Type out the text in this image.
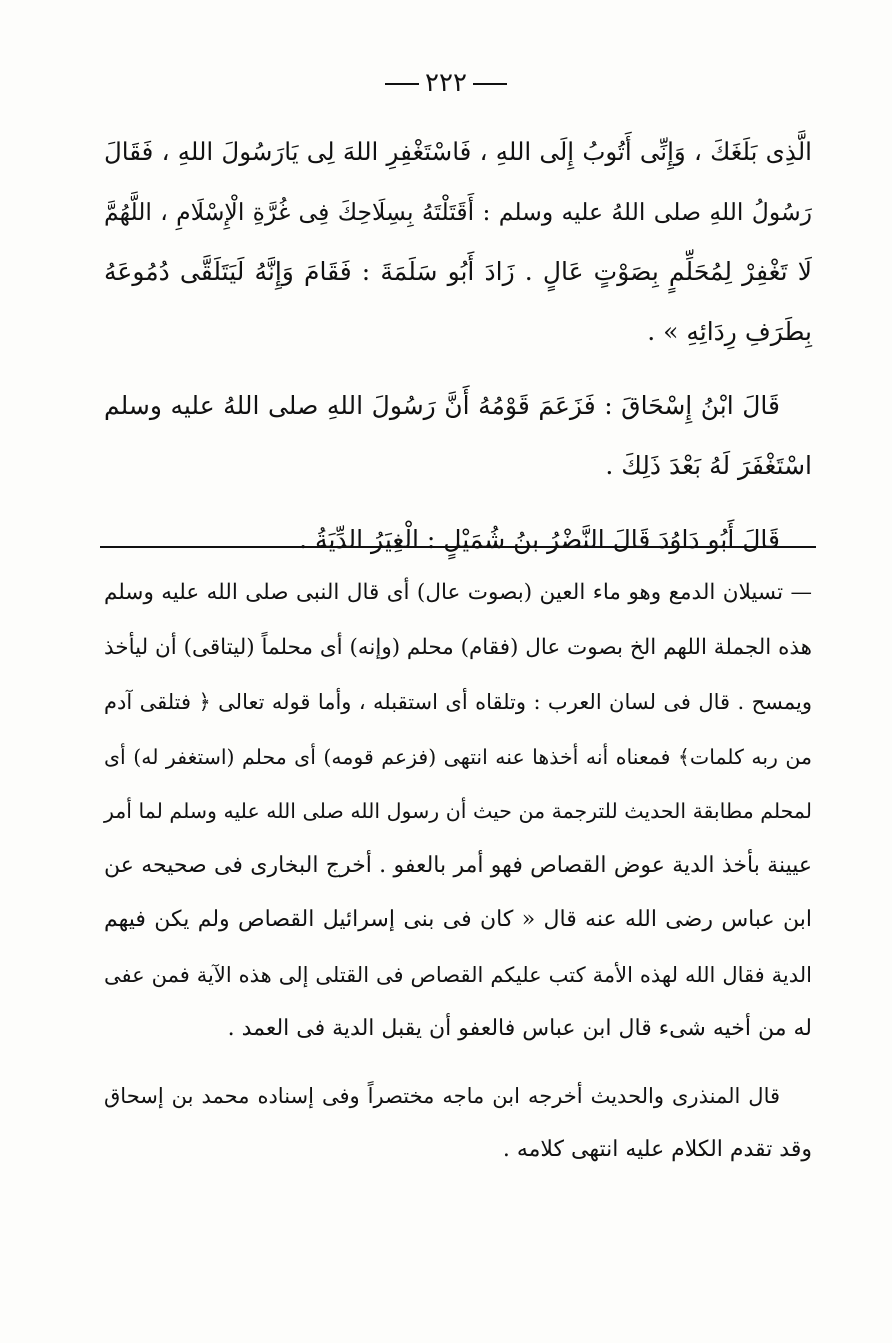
٢٢٢
الَّذِى بَلَغَكَ ، وَإِنِّى أَتُوبُ إِلَى اللهِ ، فَاسْتَغْفِرِ اللهَ لِى يَارَسُولَ اللهِ ، فَقَالَ
رَسُولُ اللهِ صلى اللهُ عليه وسلم : أَقَتَلْتَهُ بِسِلَاحِكَ فِى غُرَّةِ الْإِسْلَامِ ، اللَّهُمَّ
لَا تَغْفِرْ لِمُحَلِّمٍ بِصَوْتٍ عَالٍ . زَادَ أَبُو سَلَمَةَ : فَقَامَ وَإِنَّهُ لَيَتَلَقَّى دُمُوعَهُ
بِطَرَفِ رِدَائِهِ » .
قَالَ ابْنُ إِسْحَاقَ : فَزَعَمَ قَوْمُهُ أَنَّ رَسُولَ اللهِ صلى اللهُ عليه وسلم
اسْتَغْفَرَ لَهُ بَعْدَ ذَلِكَ .
قَالَ أَبُو دَاوُدَ قَالَ النَّضْرُ بنُ شُمَيْلٍ : الْغِيَرُ الدِّيَةُ .
— تسيلان الدمع وهو ماء العين (بصوت عال) أى قال النبى صلى الله عليه وسلم
هذه الجملة اللهم الخ بصوت عال (فقام) محلم (وإنه) أى محلماً (ليتاقى) أن ليأخذ
ويمسح . قال فى لسان العرب : وتلقاه أى استقبله ، وأما قوله تعالى ﴿ فتلقى آدم
من ربه كلمات﴾ فمعناه أنه أخذها عنه انتهى (فزعم قومه) أى محلم (استغفر له) أى
لمحلم مطابقة الحديث للترجمة من حيث أن رسول الله صلى الله عليه وسلم لما أمر
عيينة بأخذ الدية عوض القصاص فهو أمر بالعفو . أخرج البخارى فى صحيحه عن
ابن عباس رضى الله عنه قال « كان فى بنى إسرائيل القصاص ولم يكن فيهم
الدية فقال الله لهذه الأمة كتب عليكم القصاص فى القتلى إلى هذه الآية فمن عفى
له من أخيه شىء قال ابن عباس فالعفو أن يقبل الدية فى العمد .
قال المنذرى والحديث أخرجه ابن ماجه مختصراً وفى إسناده محمد بن إسحاق
وقد تقدم الكلام عليه انتهى كلامه .
